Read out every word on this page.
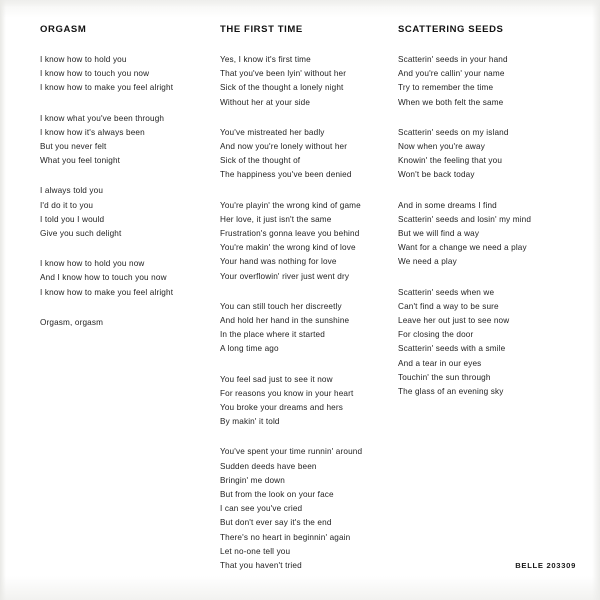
ORGASM
I know how to hold you
I know how to touch you now
I know how to make you feel alright
I know what you've been through
I know how it's always been
But you never felt
What you feel tonight
I always told you
I'd do it to you
I told you I would
Give you such delight
I know how to hold you now
And I know how to touch you now
I know how to make you feel alright
Orgasm, orgasm
THE FIRST TIME
Yes, I know it's first time
That you've been lyin' without her
Sick of the thought a lonely night
Without her at your side
You've mistreated her badly
And now you're lonely without her
Sick of the thought of
The happiness you've been denied
You're playin' the wrong kind of game
Her love, it just isn't the same
Frustration's gonna leave you behind
You're makin' the wrong kind of love
Your hand was nothing for love
Your overflowin' river just went dry
You can still touch her discreetly
And hold her hand in the sunshine
In the place where it started
A long time ago
You feel sad just to see it now
For reasons you know in your heart
You broke your dreams and hers
By makin' it told
You've spent your time runnin' around
Sudden deeds have been
Bringin' me down
But from the look on your face
I can see you've cried
But don't ever say it's the end
There's no heart in beginnin' again
Let no-one tell you
That you haven't tried
SCATTERING SEEDS
Scatterin' seeds in your hand
And you're callin' your name
Try to remember the time
When we both felt the same
Scatterin' seeds on my island
Now when you're away
Knowin' the feeling that you
Won't be back today
And in some dreams I find
Scatterin' seeds and losin' my mind
But we will find a way
Want for a change we need a play
We need a play
Scatterin' seeds when we
Can't find a way to be sure
Leave her out just to see now
For closing the door
Scatterin' seeds with a smile
And a tear in our eyes
Touchin' the sun through
The glass of an evening sky
BELLE 203309
